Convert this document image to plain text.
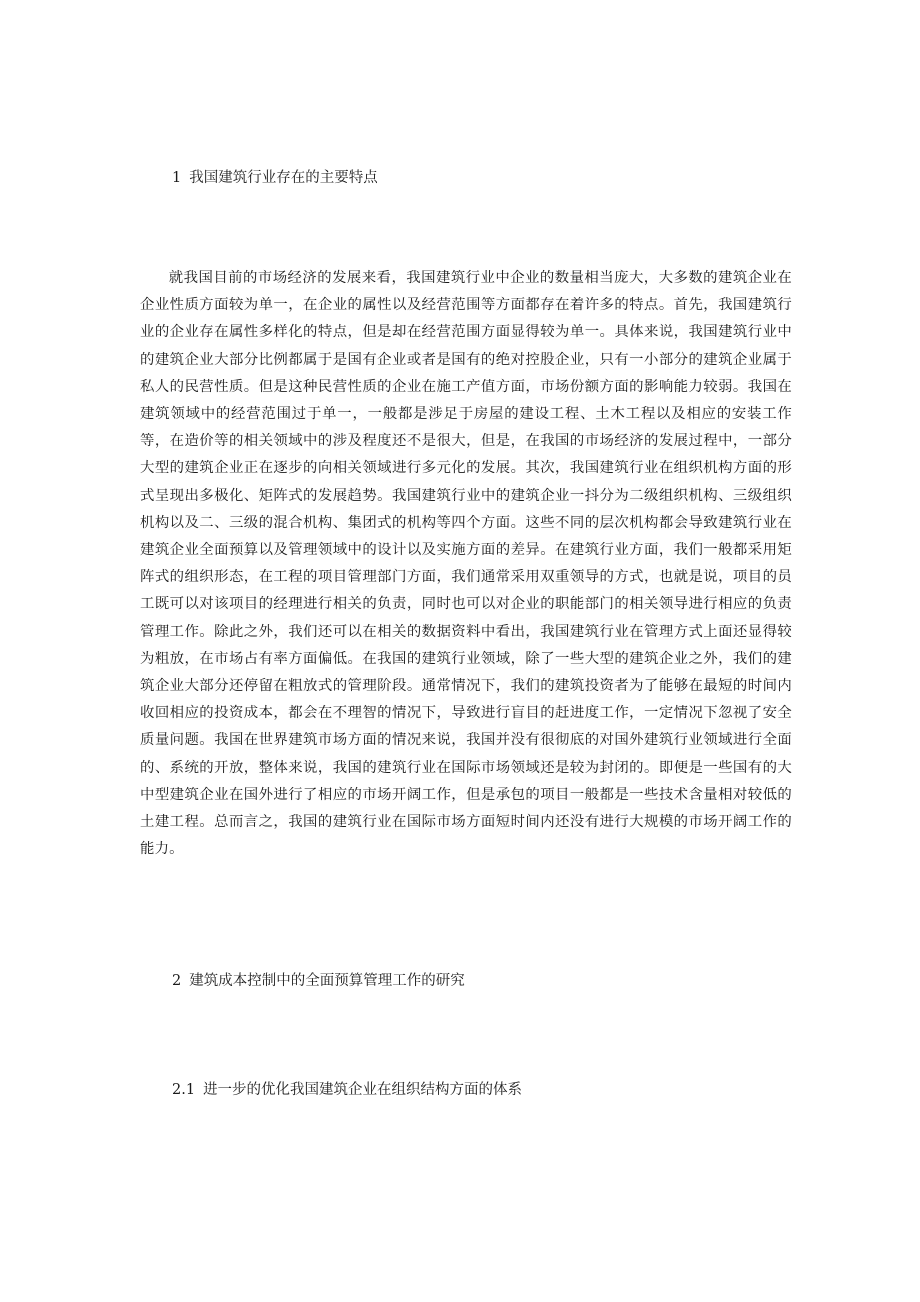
1 我国建筑行业存在的主要特点

就我国目前的市场经济的发展来看，我国建筑行业中企业的数量相当庞大，大多数的建筑企业在企业性质方面较为单一，在企业的属性以及经营范围等方面都存在着许多的特点。首先，我国建筑行业的企业存在属性多样化的特点，但是却在经营范围方面显得较为单一。具体来说，我国建筑行业中的建筑企业大部分比例都属于是国有企业或者是国有的绝对控股企业，只有一小部分的建筑企业属于私人的民营性质。但是这种民营性质的企业在施工产值方面，市场份额方面的影响能力较弱。我国在建筑领域中的经营范围过于单一，一般都是涉足于房屋的建设工程、土木工程以及相应的安装工作等，在造价等的相关领域中的涉及程度还不是很大，但是，在我国的市场经济的发展过程中，一部分大型的建筑企业正在逐步的向相关领域进行多元化的发展。其次，我国建筑行业在组织机构方面的形式呈现出多极化、矩阵式的发展趋势。我国建筑行业中的建筑企业一抖分为二级组织机构、三级组织机构以及二、三级的混合机构、集团式的机构等四个方面。这些不同的层次机构都会导致建筑行业在建筑企业全面预算以及管理领域中的设计以及实施方面的差异。在建筑行业方面，我们一般都采用矩阵式的组织形态，在工程的项目管理部门方面，我们通常采用双重领导的方式，也就是说，项目的员工既可以对该项目的经理进行相关的负责，同时也可以对企业的职能部门的相关领导进行相应的负责管理工作。除此之外，我们还可以在相关的数据资料中看出，我国建筑行业在管理方式上面还显得较为粗放，在市场占有率方面偏低。在我国的建筑行业领域，除了一些大型的建筑企业之外，我们的建筑企业大部分还停留在粗放式的管理阶段。通常情况下，我们的建筑投资者为了能够在最短的时间内收回相应的投资成本，都会在不理智的情况下，导致进行盲目的赶进度工作，一定情况下忽视了安全质量问题。我国在世界建筑市场方面的情况来说，我国并没有很彻底的对国外建筑行业领域进行全面的、系统的开放，整体来说，我国的建筑行业在国际市场领域还是较为封闭的。即便是一些国有的大中型建筑企业在国外进行了相应的市场开阔工作，但是承包的项目一般都是一些技术含量相对较低的土建工程。总而言之，我国的建筑行业在国际市场方面短时间内还没有进行大规模的市场开阔工作的能力。

2 建筑成本控制中的全面预算管理工作的研究
2.1 进一步的优化我国建筑企业在组织结构方面的体系
